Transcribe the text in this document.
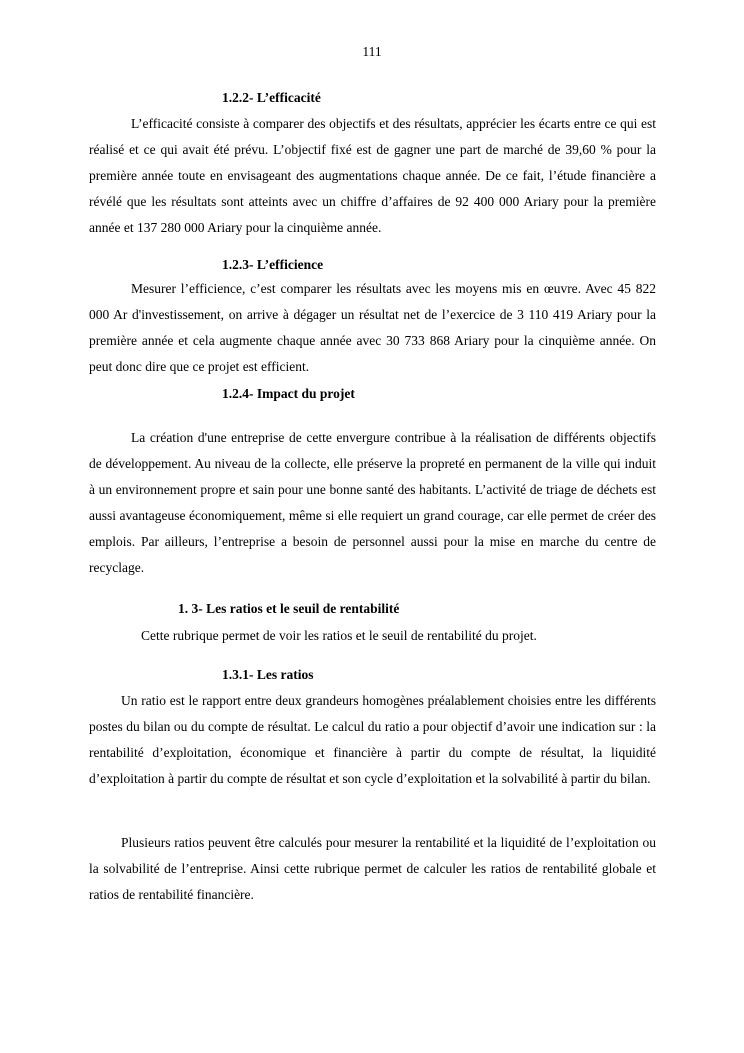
111
1.2.2- L’efficacité

L’efficacité consiste à comparer des objectifs et des résultats, apprécier les écarts entre ce qui est réalisé et ce qui avait été prévu. L’objectif fixé est de gagner une part de marché de 39,60 % pour la première année toute en envisageant des augmentations chaque année. De ce fait, l’étude financière a révélé que les résultats sont atteints avec un chiffre d’affaires de 92 400 000 Ariary pour la première année et 137 280 000 Ariary pour la cinquième année.

1.2.3- L’efficience

Mesurer l’efficience, c’est comparer les résultats avec les moyens mis en œuvre. Avec 45 822 000 Ar d'investissement, on arrive à dégager un résultat net de l’exercice de 3 110 419 Ariary pour la première année et cela augmente chaque année avec 30 733 868 Ariary pour la cinquième année. On peut donc dire que ce projet est efficient.

1.2.4- Impact du projet

La création d'une entreprise de cette envergure contribue à la réalisation de différents objectifs de développement. Au niveau de la collecte, elle préserve la propreté en permanent de la ville qui induit à un environnement propre et sain pour une bonne santé des habitants. L’activité de triage de déchets est aussi avantageuse économiquement, même si elle requiert un grand courage, car elle permet de créer des emplois. Par ailleurs, l’entreprise a besoin de personnel aussi pour la mise en marche du centre de recyclage.

1. 3- Les ratios et le seuil de rentabilité
Cette rubrique permet de voir les ratios et le seuil de rentabilité du projet.
1.3.1- Les ratios

Un ratio est le rapport entre deux grandeurs homogènes préalablement choisies entre les différents postes du bilan ou du compte de résultat. Le calcul du ratio a pour objectif d’avoir une indication sur : la rentabilité d’exploitation, économique et financière à partir du compte de résultat, la liquidité d’exploitation à partir du compte de résultat et son cycle d’exploitation et la solvabilité à partir du bilan.

Plusieurs ratios peuvent être calculés pour mesurer la rentabilité et la liquidité de l’exploitation ou la solvabilité de l’entreprise. Ainsi cette rubrique permet de calculer les ratios de rentabilité globale et ratios de rentabilité financière.
